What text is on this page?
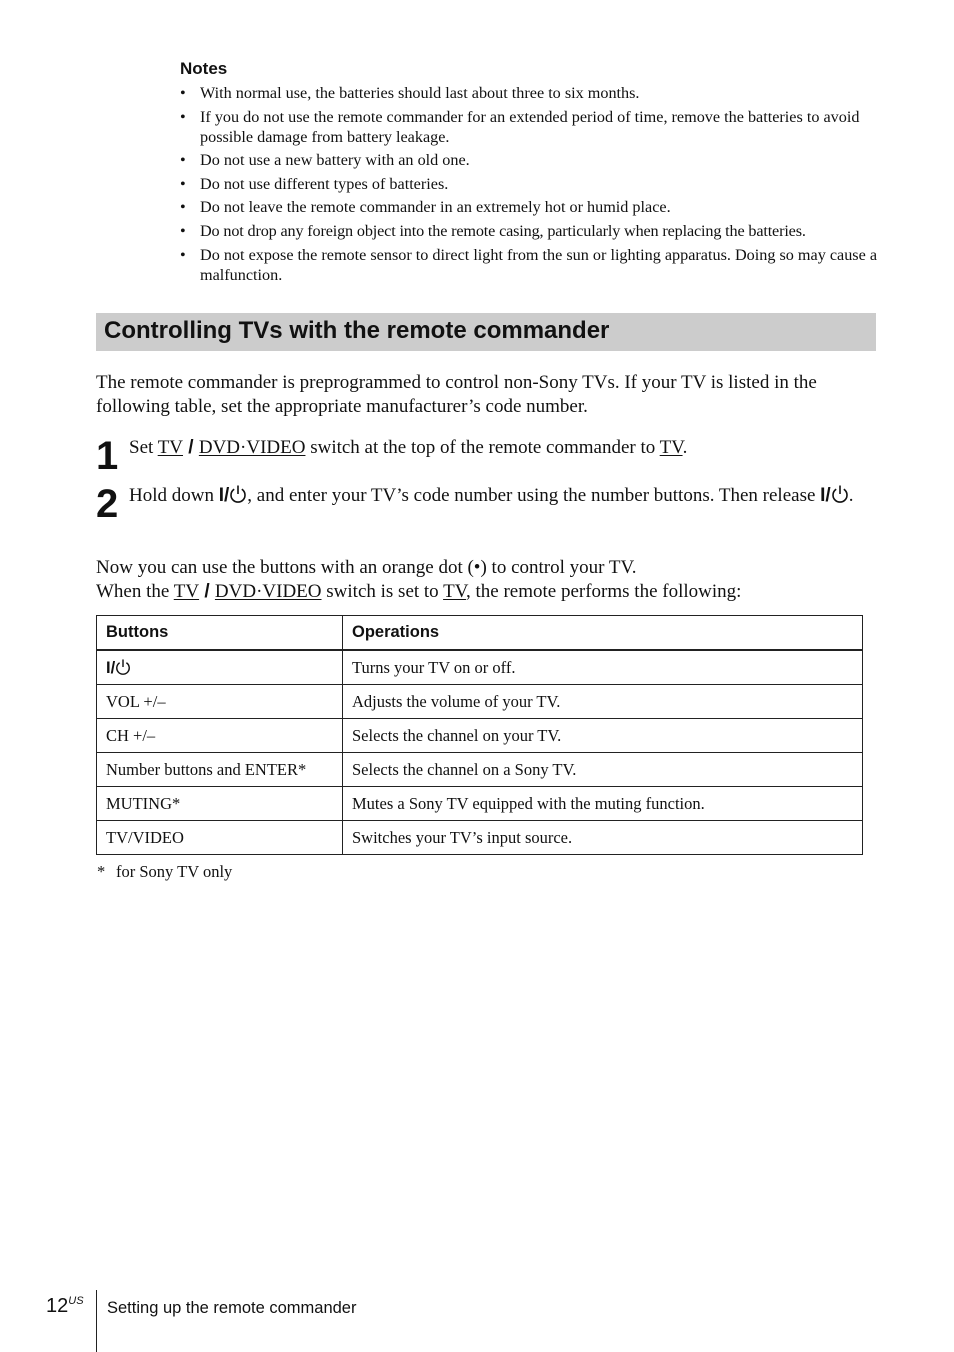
Notes
• With normal use, the batteries should last about three to six months.
• If you do not use the remote commander for an extended period of time, remove the batteries to avoid possible damage from battery leakage.
• Do not use a new battery with an old one.
• Do not use different types of batteries.
• Do not leave the remote commander in an extremely hot or humid place.
• Do not drop any foreign object into the remote casing, particularly when replacing the batteries.
• Do not expose the remote sensor to direct light from the sun or lighting apparatus. Doing so may cause a malfunction.
Controlling TVs with the remote commander
The remote commander is preprogrammed to control non-Sony TVs. If your TV is listed in the following table, set the appropriate manufacturer’s code number.
1 Set TV / DVD·VIDEO switch at the top of the remote commander to TV.
2 Hold down I/ , and enter your TV’s code number using the number buttons. Then release I/ .
Now you can use the buttons with an orange dot (•) to control your TV.
When the TV / DVD·VIDEO switch is set to TV, the remote performs the following:
Buttons	Operations
I/	Turns your TV on or off.
VOL +/–	Adjusts the volume of your TV.
CH +/–	Selects the channel on your TV.
Number buttons and ENTER*	Selects the channel on a Sony TV.
MUTING*	Mutes a Sony TV equipped with the muting function.
TV/VIDEO	Switches your TV’s input source.
* for Sony TV only
$12^{US}$ Setting up the remote commander
